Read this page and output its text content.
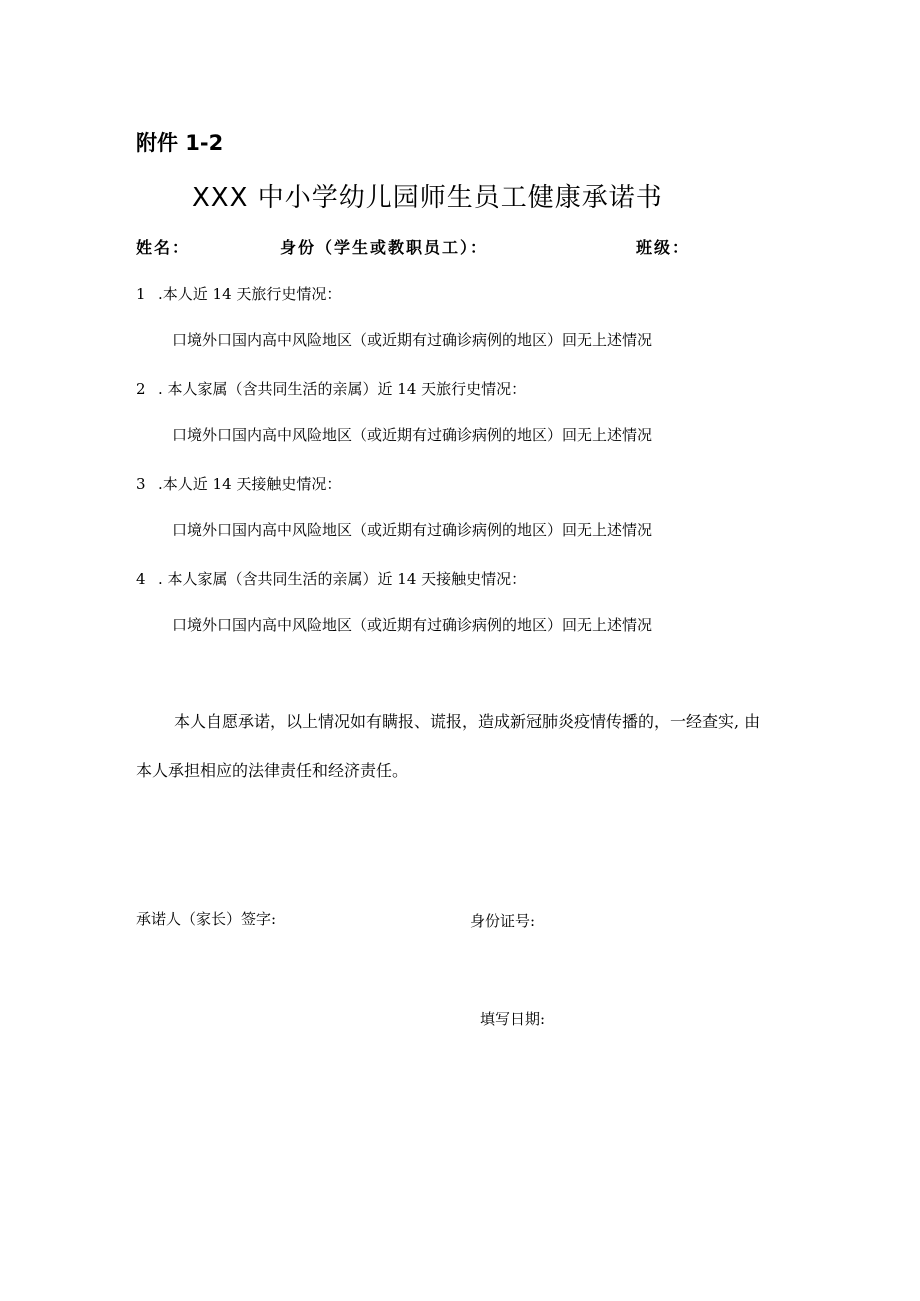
附件 1-2
XXX 中小学幼儿园师生员工健康承诺书
姓名：	身份（学生或教职员工）：	班级：
1 .本人近 14 天旅行史情况：
口境外口国内高中风险地区（或近期有过确诊病例的地区）回无上述情况
2 . 本人家属（含共同生活的亲属）近 14 天旅行史情况：
口境外口国内高中风险地区（或近期有过确诊病例的地区）回无上述情况
3 .本人近 14 天接触史情况：
口境外口国内高中风险地区（或近期有过确诊病例的地区）回无上述情况
4 . 本人家属（含共同生活的亲属）近 14 天接触史情况：
口境外口国内高中风险地区（或近期有过确诊病例的地区）回无上述情况
本人自愿承诺，以上情况如有瞒报、谎报，造成新冠肺炎疫情传播的，一经查实, 由
本人承担相应的法律责任和经济责任。
承诺人（家长）签字:	身份证号:
填写日期:
